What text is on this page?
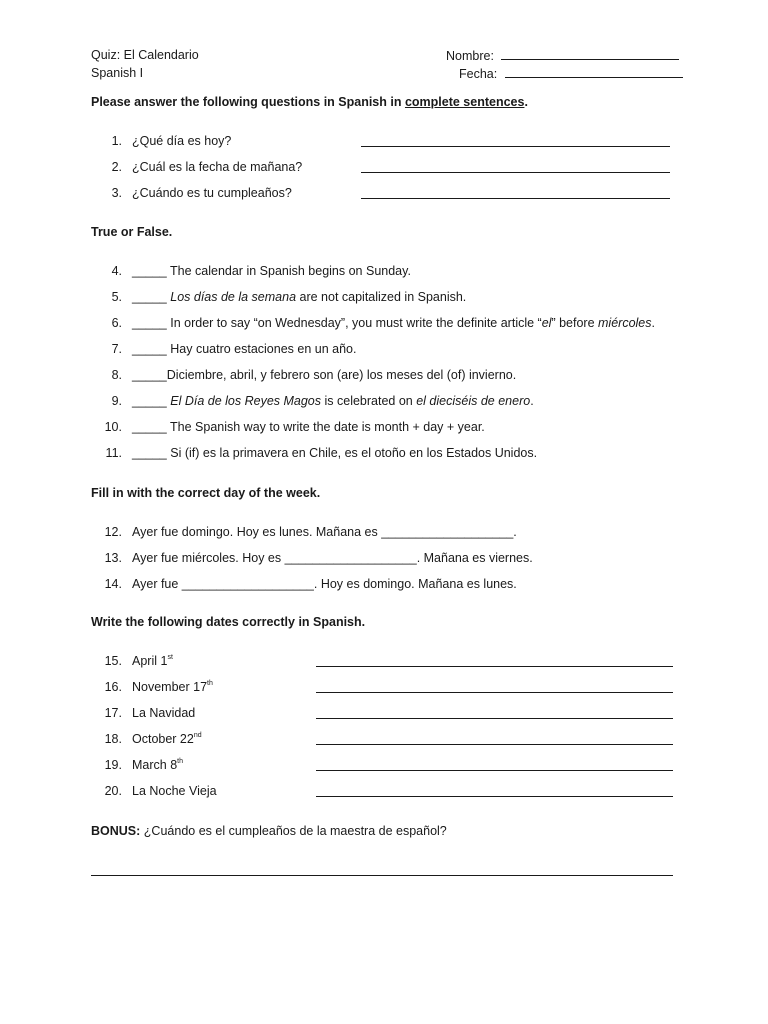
Quiz: El Calendario
Spanish I
Nombre:
Fecha:
Please answer the following questions in Spanish in complete sentences.
1. ¿Qué día es hoy?
2. ¿Cuál es la fecha de mañana?
3. ¿Cuándo es tu cumpleaños?
True or False.
4. _____ The calendar in Spanish begins on Sunday.
5. _____ Los días de la semana are not capitalized in Spanish.
6. _____ In order to say “on Wednesday”, you must write the definite article “el” before miércoles.
7. _____ Hay cuatro estaciones en un año.
8. _____Diciembre, abril, y febrero son (are) los meses del (of) invierno.
9. _____ El Día de los Reyes Magos is celebrated on el dieciséis de enero.
10. _____ The Spanish way to write the date is month + day + year.
11. _____ Si (if) es la primavera en Chile, es el otoño en los Estados Unidos.
Fill in with the correct day of the week.
12. Ayer fue domingo. Hoy es lunes. Mañana es ___________________.
13. Ayer fue miércoles. Hoy es ___________________. Mañana es viernes.
14. Ayer fue ___________________. Hoy es domingo. Mañana es lunes.
Write the following dates correctly in Spanish.
15. April 1st
16. November 17th
17. La Navidad
18. October 22nd
19. March 8th
20. La Noche Vieja
BONUS: ¿Cuándo es el cumpleaños de la maestra de español?
